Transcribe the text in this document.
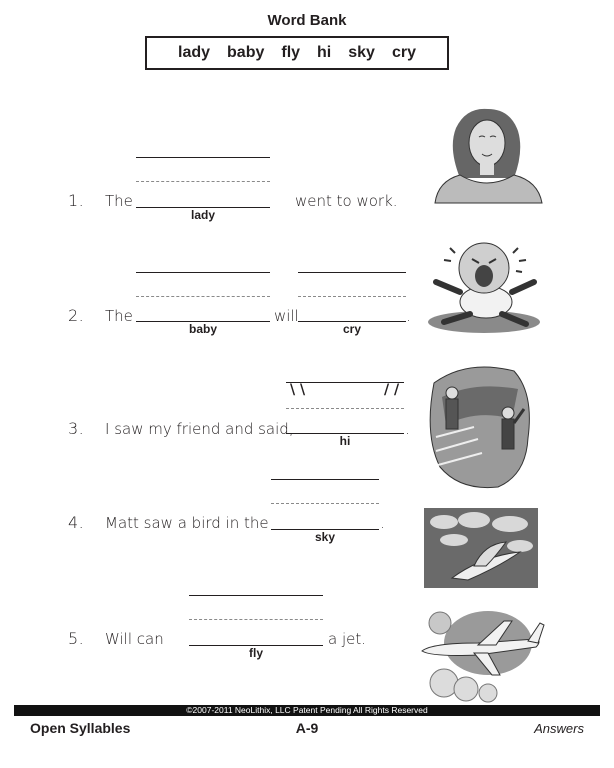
Word Bank
lady baby fly hi sky cry
1. The
lady
went to work.
2. The
baby
will
cry
.
\ \	/ /
3. I saw my friend and said,
hi
.
4. Matt saw a bird in the
sky
.
5. Will can
fly
a jet.
©2007-2011 NeoLithix, LLC Patent Pending All Rights Reserved
Open Syllables	A-9	Answers
